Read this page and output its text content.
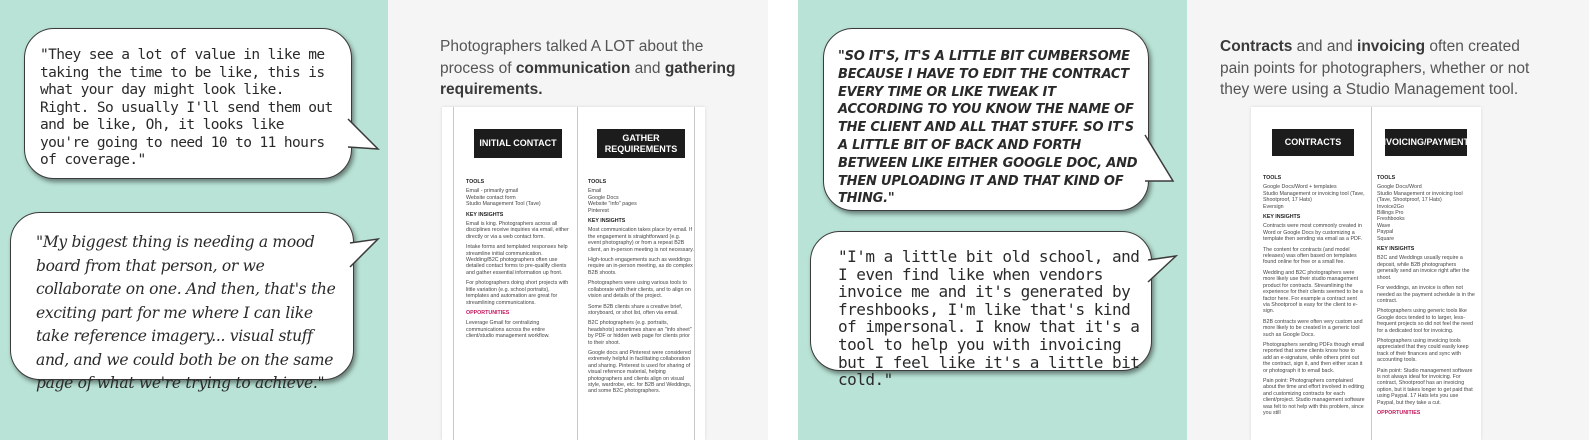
"They see a lot of value in like me taking the time to be like, this is what your day might look like. Right. So usually I'll send them out and be like, Oh, it looks like you're going to need 10 to 11 hours of coverage."
"My biggest thing is needing a mood board from that person, or we collaborate on one. And then, that's the exciting part for me where I can like take reference imagery... visual stuff and, and we could both be on the same page of what we're trying to achieve."
Photographers talked A LOT about the process of communication and gathering requirements.
INITIAL CONTACT
GATHER REQUIREMENTS

TOOLS

Email - primarily gmail
Website contact form
Studio Management Tool (Tave)

KEY INSIGHTS

Email is king. Photographers across all disciplines receive inquiries via email, either directly or via a web contact form.

Intake forms and templated responses help streamline initial communication. Wedding/B2C photographers often use detailed contact forms to pre-qualify clients and gather essential information up front.

For photographers doing short projects with little variation (e.g. school portraits), templates and automation are great for streamlining communications.

OPPORTUNITIES

Leverage Gmail for centralizing communications across the entire client/studio management workflow.

TOOLS

Email
Google Docs
Website "info" pages
Pinterest

KEY INSIGHTS

Most communication takes place by email. If the engagement is straightforward (e.g. event photography) or from a repeat B2B client, an in-person meeting is not necessary.

High-touch engagements such as weddings require an in-person meeting, as do complex B2B shoots.

Photographers were using various tools to collaborate with their clients, and to align on vision and details of the project.

Some B2B clients share a creative brief, storyboard, or shot list, often via email.

B2C photographers (e.g. portraits, headshots) sometimes share an "info sheet" by PDF or hidden web page for clients prior to their shoot.

Google docs and Pinterest were considered extremely helpful in facilitating collaboration and sharing. Pinterest is used for sharing of visual reference material, helping photographers and clients align on visual style, wardrobe, etc. for B2B and Weddings, and some B2C photographers.

"SO IT'S, IT'S A LITTLE BIT CUMBERSOME BECAUSE I HAVE TO EDIT THE CONTRACT EVERY TIME OR LIKE TWEAK IT ACCORDING TO YOU KNOW THE NAME OF THE CLIENT AND ALL THAT STUFF. SO IT'S A LITTLE BIT OF BACK AND FORTH BETWEEN LIKE EITHER GOOGLE DOC, AND THEN UPLOADING IT AND THAT KIND OF THING."
"I'm a little bit old school, and I even find like when vendors invoice me and it's generated by freshbooks, I'm like that's kind of impersonal. I know that it's a tool to help you with invoicing but I feel like it's a little bit cold."
Contracts and and invoicing often created pain points for photographers, whether or not they were using a Studio Management tool.
CONTRACTS	INVOICING/PAYMENTS

TOOLS

Google Docs/Word + templates
Studio Management or invoicing tool (Tave, Shootproof, 17 Hats)
Eversign

KEY INSIGHTS

Contracts were most commonly created in Word or Google Docs by customizing a template then sending via email as a PDF.

The content for contracts (and model releases) was often based on templates found online for free or a small fee.

Wedding and B2C photographers were more likely use their studio management product for contracts. Streamlining the experience for their clients seemed to be a factor here. For example a contract sent via Shootproof is easy for the client to e-sign.

B2B contracts were often very custom and more likely to be created in a generic tool such as Google Docs.

Photographers sending PDFs though email reported that some clients know how to add an e-signature, while others print out the contract, sign it, and then either scan it or photograph it to email back.

Pain point: Photographers complained about the time and effort involved in editing and customizing contracts for each client/project. Studio management software was felt to not help with this problem, since you still

TOOLS

Google Docs/Word
Studio Management or invoicing tool (Tave, Shootproof, 17 Hats)
Invoice2Go
Billings Pro
Freshbooks
Wave
Paypal
Square

KEY INSIGHTS

B2C and Weddings usually require a deposit, while B2B photographers generally send an invoice right after the shoot.

For weddings, an invoice is often not needed as the payment schedule is in the contract.

Photographers using generic tools like Google docs tended to to larger, less-frequent projects so did not feel the need for a dedicated tool for invoicing.

Photographers using invoicing tools appreciated that they could easily keep track of their finances and sync with accounting tools.

Pain point: Studio management software is not always ideal for invoicing. For contract, Shootproof has an invoicing option, but it takes longer to get paid that using Paypal. 17 Hats lets you use Paypal, but they take a cut.

OPPORTUNITIES
